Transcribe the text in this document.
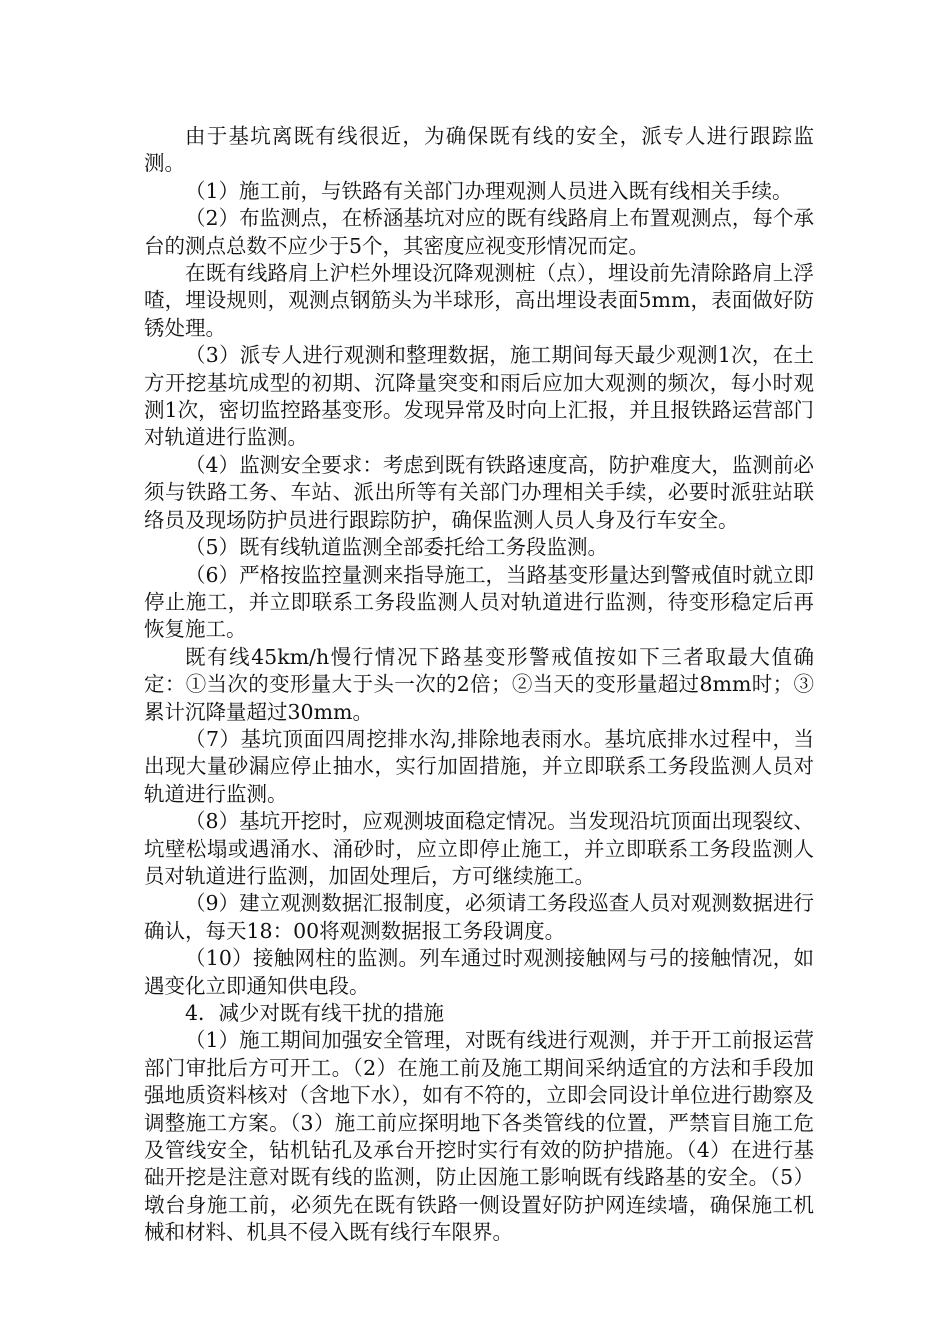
由于基坑离既有线很近，为确保既有线的安全，派专人进行跟踪监测。

（1）施工前，与铁路有关部门办理观测人员进入既有线相关手续。

（2）布监测点，在桥涵基坑对应的既有线路肩上布置观测点，每个承台的测点总数不应少于5个，其密度应视变形情况而定。

在既有线路肩上沪栏外埋设沉降观测桩（点），埋设前先清除路肩上浮喳，埋设规则，观测点钢筋头为半球形，高出埋设表面5mm，表面做好防锈处理。

（3）派专人进行观测和整理数据，施工期间每天最少观测1次，在土方开挖基坑成型的初期、沉降量突变和雨后应加大观测的频次，每小时观测1次，密切监控路基变形。发现异常及时向上汇报，并且报铁路运营部门对轨道进行监测。

（4）监测安全要求：考虑到既有铁路速度高，防护难度大，监测前必须与铁路工务、车站、派出所等有关部门办理相关手续，必要时派驻站联络员及现场防护员进行跟踪防护，确保监测人员人身及行车安全。

（5）既有线轨道监测全部委托给工务段监测。

（6）严格按监控量测来指导施工，当路基变形量达到警戒值时就立即停止施工，并立即联系工务段监测人员对轨道进行监测，待变形稳定后再恢复施工。

既有线45km/h慢行情况下路基变形警戒值按如下三者取最大值确定：①当次的变形量大于头一次的2倍；②当天的变形量超过8mm时；③累计沉降量超过30mm。

（7）基坑顶面四周挖排水沟,排除地表雨水。基坑底排水过程中，当出现大量砂漏应停止抽水，实行加固措施，并立即联系工务段监测人员对轨道进行监测。

（8）基坑开挖时，应观测坡面稳定情况。当发现沿坑顶面出现裂纹、坑壁松塌或遇涌水、涌砂时，应立即停止施工，并立即联系工务段监测人员对轨道进行监测，加固处理后，方可继续施工。

（9）建立观测数据汇报制度，必须请工务段巡查人员对观测数据进行确认，每天18：00将观测数据报工务段调度。

（10）接触网柱的监测。列车通过时观测接触网与弓的接触情况，如遇变化立即通知供电段。

4．减少对既有线干扰的措施

（1）施工期间加强安全管理，对既有线进行观测，并于开工前报运营部门审批后方可开工。（2）在施工前及施工期间采纳适宜的方法和手段加强地质资料核对（含地下水），如有不符的，立即会同设计单位进行勘察及调整施工方案。（3）施工前应探明地下各类管线的位置，严禁盲目施工危及管线安全，钻机钻孔及承台开挖时实行有效的防护措施。（4）在进行基础开挖是注意对既有线的监测，防止因施工影响既有线路基的安全。（5）墩台身施工前，必须先在既有铁路一侧设置好防护网连续墙，确保施工机械和材料、机具不侵入既有线行车限界。
